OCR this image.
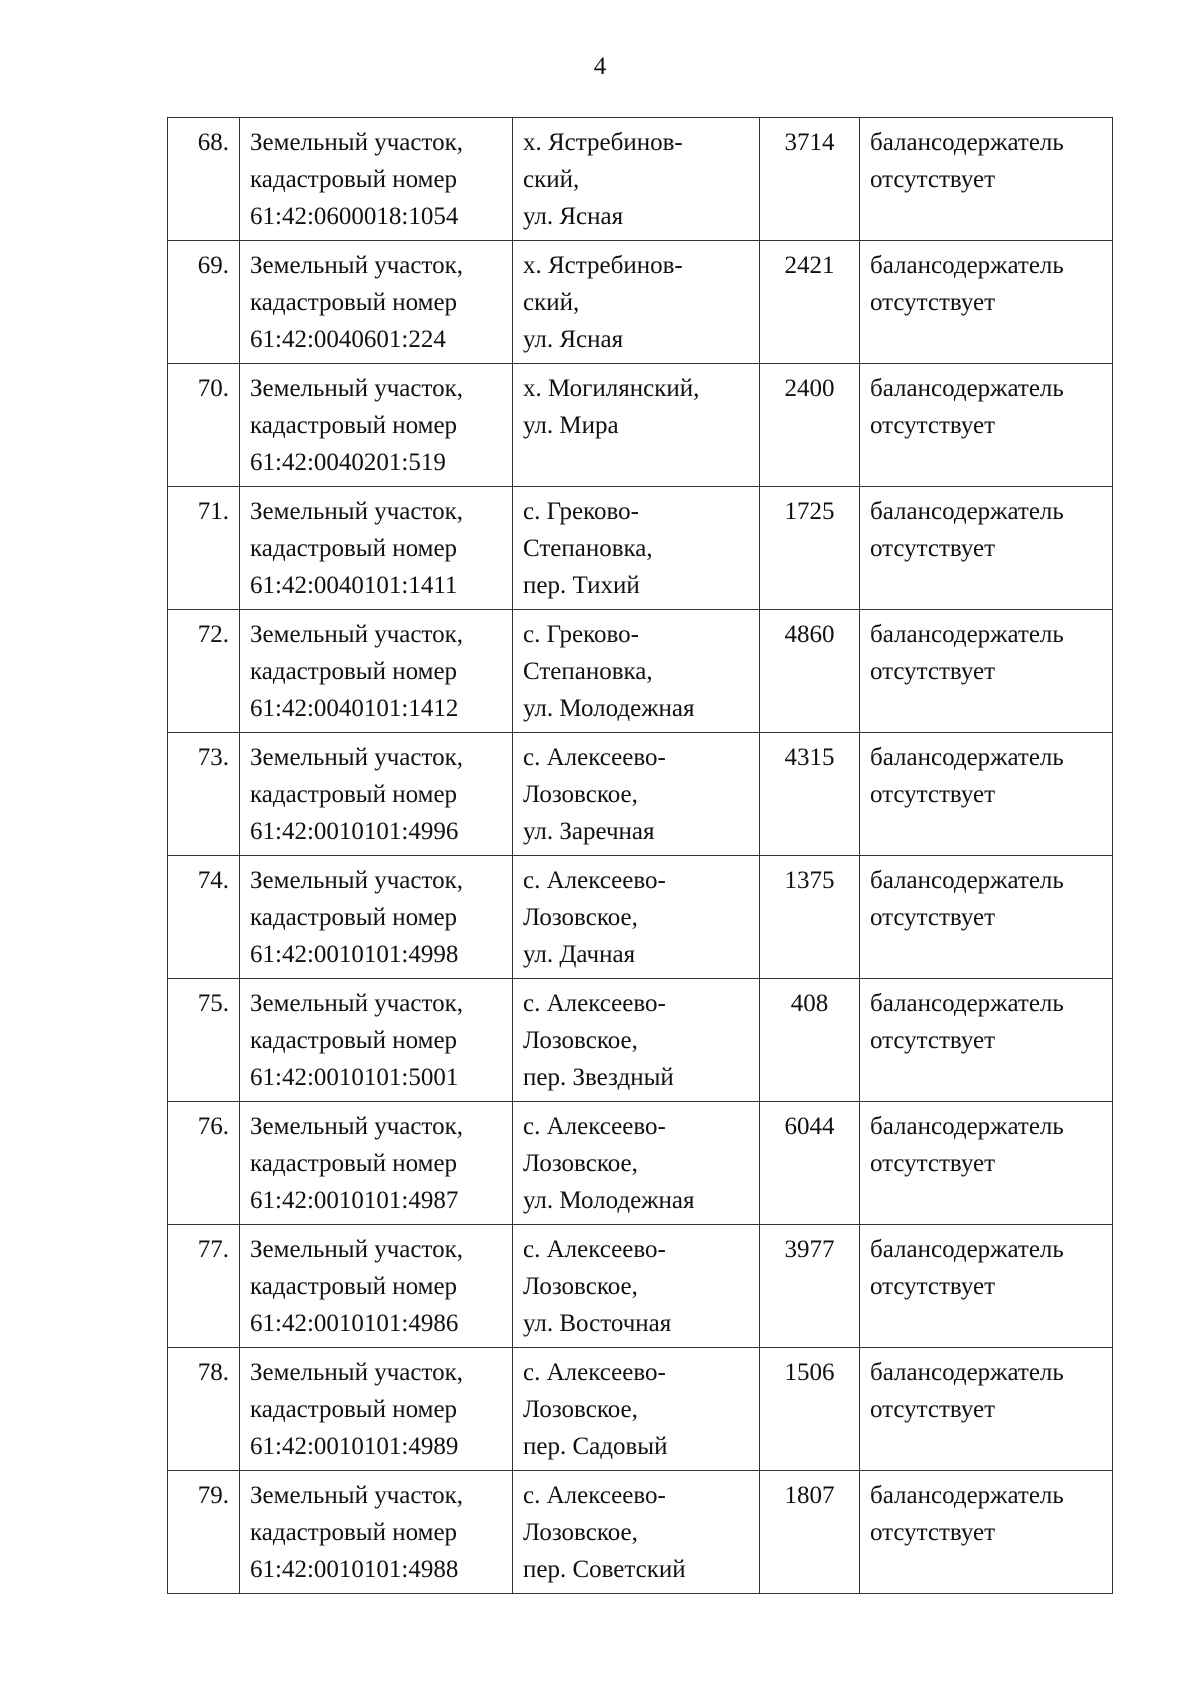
4
68.	Земельный участок,
кадастровый номер
61:42:0600018:1054	х. Ястребинов-
ский,
ул. Ясная	3714	балансодержатель
отсутствует

69.	Земельный участок,
кадастровый номер
61:42:0040601:224	х. Ястребинов-
ский,
ул. Ясная	2421	балансодержатель
отсутствует

70.	Земельный участок,
кадастровый номер
61:42:0040201:519	х. Могилянский,
ул. Мира	2400	балансодержатель
отсутствует

71.	Земельный участок,
кадастровый номер
61:42:0040101:1411	с. Греково-
Степановка,
пер. Тихий	1725	балансодержатель
отсутствует

72.	Земельный участок,
кадастровый номер
61:42:0040101:1412	с. Греково-
Степановка,
ул. Молодежная	4860	балансодержатель
отсутствует

73.	Земельный участок,
кадастровый номер
61:42:0010101:4996	с. Алексеево-
Лозовское,
ул. Заречная	4315	балансодержатель
отсутствует

74.	Земельный участок,
кадастровый номер
61:42:0010101:4998	с. Алексеево-
Лозовское,
ул. Дачная	1375	балансодержатель
отсутствует

75.	Земельный участок,
кадастровый номер
61:42:0010101:5001	с. Алексеево-
Лозовское,
пер. Звездный	408	балансодержатель
отсутствует

76.	Земельный участок,
кадастровый номер
61:42:0010101:4987	с. Алексеево-
Лозовское,
ул. Молодежная	6044	балансодержатель
отсутствует

77.	Земельный участок,
кадастровый номер
61:42:0010101:4986	с. Алексеево-
Лозовское,
ул. Восточная	3977	балансодержатель
отсутствует

78.	Земельный участок,
кадастровый номер
61:42:0010101:4989	с. Алексеево-
Лозовское,
пер. Садовый	1506	балансодержатель
отсутствует

79.	Земельный участок,
кадастровый номер
61:42:0010101:4988	с. Алексеево-
Лозовское,
пер. Советский	1807	балансодержатель
отсутствует
